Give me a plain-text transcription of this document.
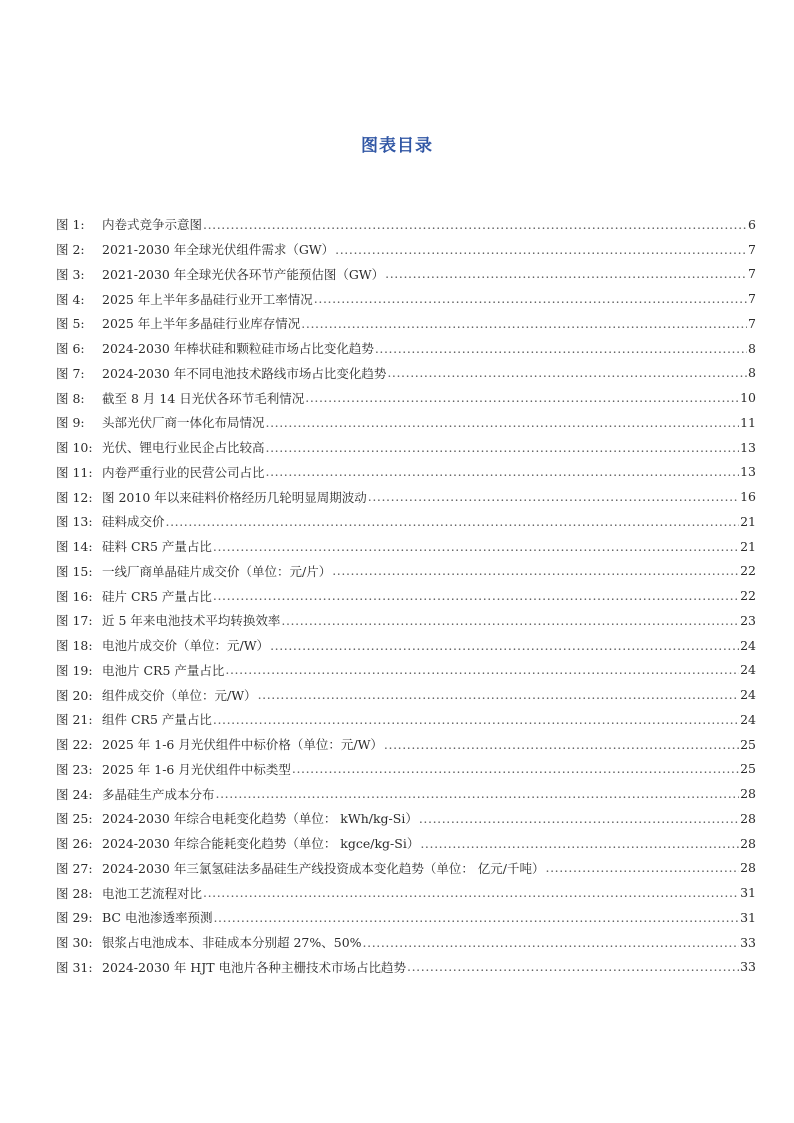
图表目录
图 1:	内卷式竞争示意图 .....	6
图 2:	2021-2030 年全球光伏组件需求（GW） .....	7
图 3:	2021-2030 年全球光伏各环节产能预估图（GW） .....	7
图 4:	2025 年上半年多晶硅行业开工率情况 .....	7
图 5:	2025 年上半年多晶硅行业库存情况 .....	7
图 6:	2024-2030 年棒状硅和颗粒硅市场占比变化趋势 .....	8
图 7:	2024-2030 年不同电池技术路线市场占比变化趋势 .....	8
图 8:	截至 8 月 14 日光伏各环节毛利情况 .....	10
图 9:	头部光伏厂商一体化布局情况 .....	11
图 10: 光伏、锂电行业民企占比较高 .....	13
图 11: 内卷严重行业的民营公司占比 .....	13
图 12: 图 2010 年以来硅料价格经历几轮明显周期波动 .....	16
图 13: 硅料成交价 .....	21
图 14: 硅料 CR5 产量占比 .....	21
图 15: 一线厂商单晶硅片成交价（单位：元/片） .....	22
图 16: 硅片 CR5 产量占比 .....	22
图 17: 近 5 年来电池技术平均转换效率 .....	23
图 18: 电池片成交价（单位：元/W） .....	24
图 19: 电池片 CR5 产量占比 .....	24
图 20: 组件成交价（单位：元/W） .....	24
图 21: 组件 CR5 产量占比 .....	24
图 22: 2025 年 1-6 月光伏组件中标价格（单位：元/W） .....	25
图 23: 2025 年 1-6 月光伏组件中标类型 .....	25
图 24: 多晶硅生产成本分布 .....	28
图 25: 2024-2030 年综合电耗变化趋势（单位： kWh/kg-Si） .....	28
图 26: 2024-2030 年综合能耗变化趋势（单位： kgce/kg-Si） .....	28
图 27: 2024-2030 年三氯氢硅法多晶硅生产线投资成本变化趋势（单位： 亿元/千吨） .....	28
图 28: 电池工艺流程对比 .....	31
图 29: BC 电池渗透率预测 .....	31
图 30: 银浆占电池成本、非硅成本分别超 27%、50% .....	33
图 31: 2024-2030 年 HJT 电池片各种主栅技术市场占比趋势 .....	33
